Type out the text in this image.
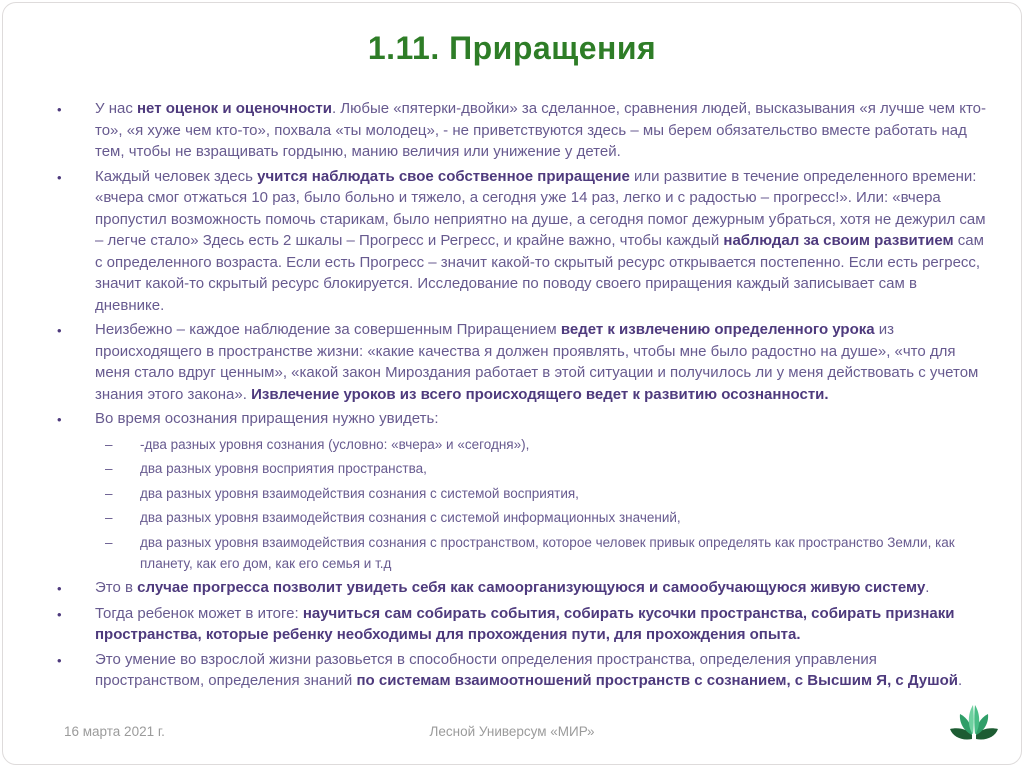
1.11. Приращения
•	У нас нет оценок и оценочности. Любые «пятерки-двойки» за сделанное, сравнения людей, высказывания «я лучше чем кто-то», «я хуже чем кто-то», похвала «ты молодец», - не приветствуются здесь – мы берем обязательство вместе работать над тем, чтобы не взращивать гордыню, манию величия или унижение у детей.
•	Каждый человек здесь учится наблюдать свое собственное приращение или развитие в течение определенного времени: «вчера смог отжаться 10 раз, было больно и тяжело, а сегодня уже 14 раз, легко и с радостью – прогресс!». Или: «вчера пропустил возможность помочь старикам, было неприятно на душе, а сегодня помог дежурным убраться, хотя не дежурил сам – легче стало» Здесь есть 2 шкалы – Прогресс и Регресс, и крайне важно, чтобы каждый наблюдал за своим развитием сам с определенного возраста. Если есть Прогресс – значит какой-то скрытый ресурс открывается постепенно. Если есть регресс, значит какой-то скрытый ресурс блокируется. Исследование по поводу своего приращения каждый записывает сам в дневнике.
•	Неизбежно – каждое наблюдение за совершенным Приращением ведет к извлечению определенного урока из происходящего в пространстве жизни: «какие качества я должен проявлять, чтобы мне было радостно на душе», «что для меня стало вдруг ценным», «какой закон Мироздания работает в этой ситуации и получилось ли у меня действовать с учетом знания этого закона». Извлечение уроков из всего происходящего ведет к развитию осознанности.
•	Во время осознания приращения нужно увидеть:
–	-два разных уровня сознания (условно: «вчера» и «сегодня»),
–	два разных уровня восприятия пространства,
–	два разных уровня взаимодействия сознания с системой восприятия,
–	два разных уровня взаимодействия сознания с системой информационных значений,
–	два разных уровня взаимодействия сознания с пространством, которое человек привык определять как пространство Земли, как планету, как его дом, как его семья и т.д
•	Это в случае прогресса позволит увидеть себя как самоорганизующуюся и самообучающуюся живую систему.
•	Тогда ребенок может в итоге: научиться сам собирать события, собирать кусочки пространства, собирать признаки пространства, которые ребенку необходимы для прохождения пути, для прохождения опыта.
•	Это умение во взрослой жизни разовьется в способности определения пространства, определения управления пространством, определения знаний по системам взаимоотношений пространств с сознанием, с Высшим Я, с Душой.
16 марта 2021 г.	Лесной Универсум «МИР»
